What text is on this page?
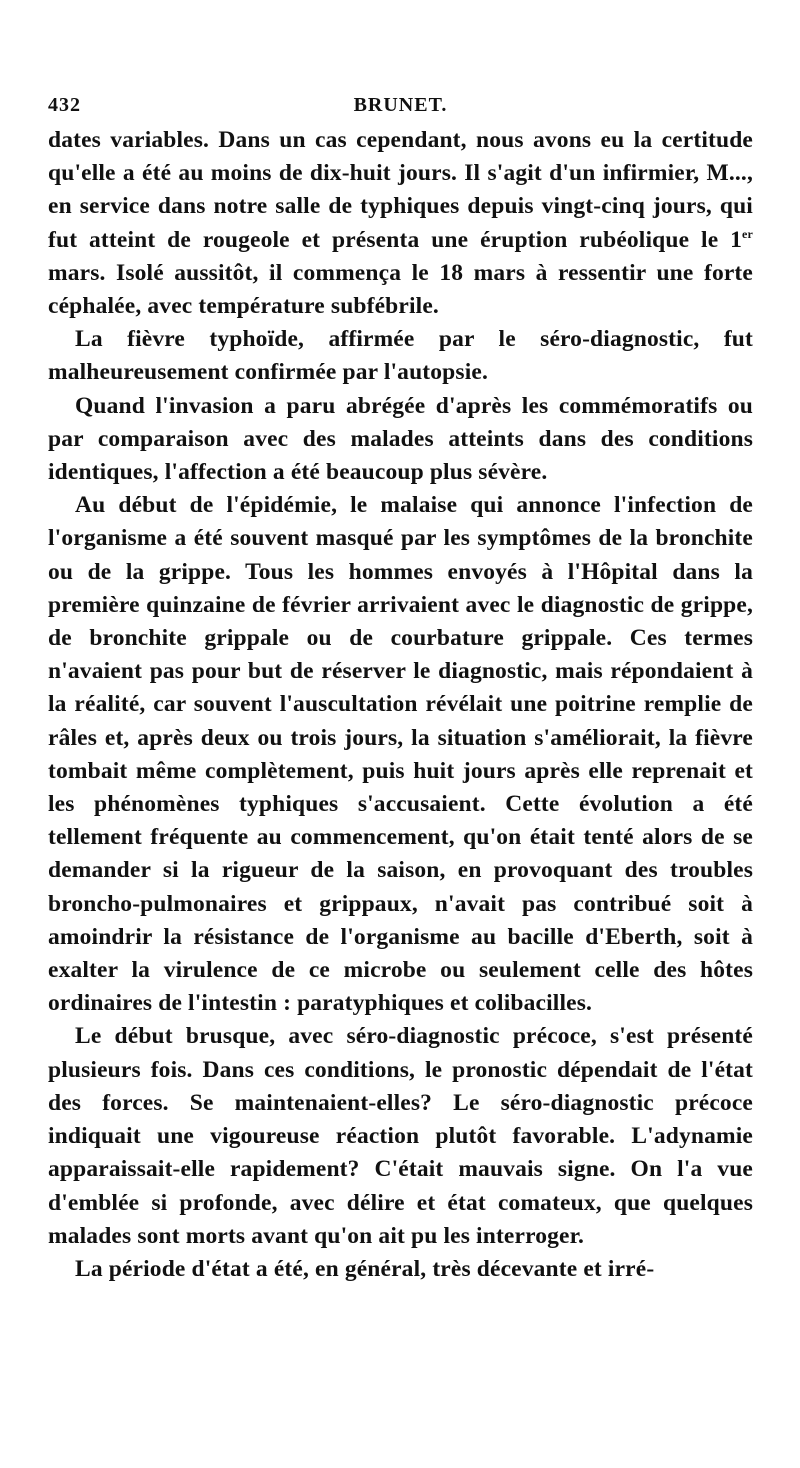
432	BRUNET.

dates variables. Dans un cas cependant, nous avons eu la certitude qu'elle a été au moins de dix-huit jours. Il s'agit d'un infirmier, M..., en service dans notre salle de typhiques depuis vingt-cinq jours, qui fut atteint de rougeole et présenta une éruption rubéolique le 1er mars. Isolé aussitôt, il commença le 18 mars à ressentir une forte céphalée, avec température subfébrile.

La fièvre typhoïde, affirmée par le séro-diagnostic, fut malheureusement confirmée par l'autopsie.

Quand l'invasion a paru abrégée d'après les commémoratifs ou par comparaison avec des malades atteints dans des conditions identiques, l'affection a été beaucoup plus sévère.

Au début de l'épidémie, le malaise qui annonce l'infection de l'organisme a été souvent masqué par les symptômes de la bronchite ou de la grippe. Tous les hommes envoyés à l'Hôpital dans la première quinzaine de février arrivaient avec le diagnostic de grippe, de bronchite grippale ou de courbature grippale. Ces termes n'avaient pas pour but de réserver le diagnostic, mais répondaient à la réalité, car souvent l'auscultation révélait une poitrine remplie de râles et, après deux ou trois jours, la situation s'améliorait, la fièvre tombait même complètement, puis huit jours après elle reprenait et les phénomènes typhiques s'accusaient. Cette évolution a été tellement fréquente au commencement, qu'on était tenté alors de se demander si la rigueur de la saison, en provoquant des troubles broncho-pulmonaires et grippaux, n'avait pas contribué soit à amoindrir la résistance de l'organisme au bacille d'Eberth, soit à exalter la virulence de ce microbe ou seulement celle des hôtes ordinaires de l'intestin : paratyphiques et colibacilles.

Le début brusque, avec séro-diagnostic précoce, s'est présenté plusieurs fois. Dans ces conditions, le pronostic dépendait de l'état des forces. Se maintenaient-elles? Le séro-diagnostic précoce indiquait une vigoureuse réaction plutôt favorable. L'adynamie apparaissait-elle rapidement? C'était mauvais signe. On l'a vue d'emblée si profonde, avec délire et état comateux, que quelques malades sont morts avant qu'on ait pu les interroger.

La période d'état a été, en général, très décevante et irré-
